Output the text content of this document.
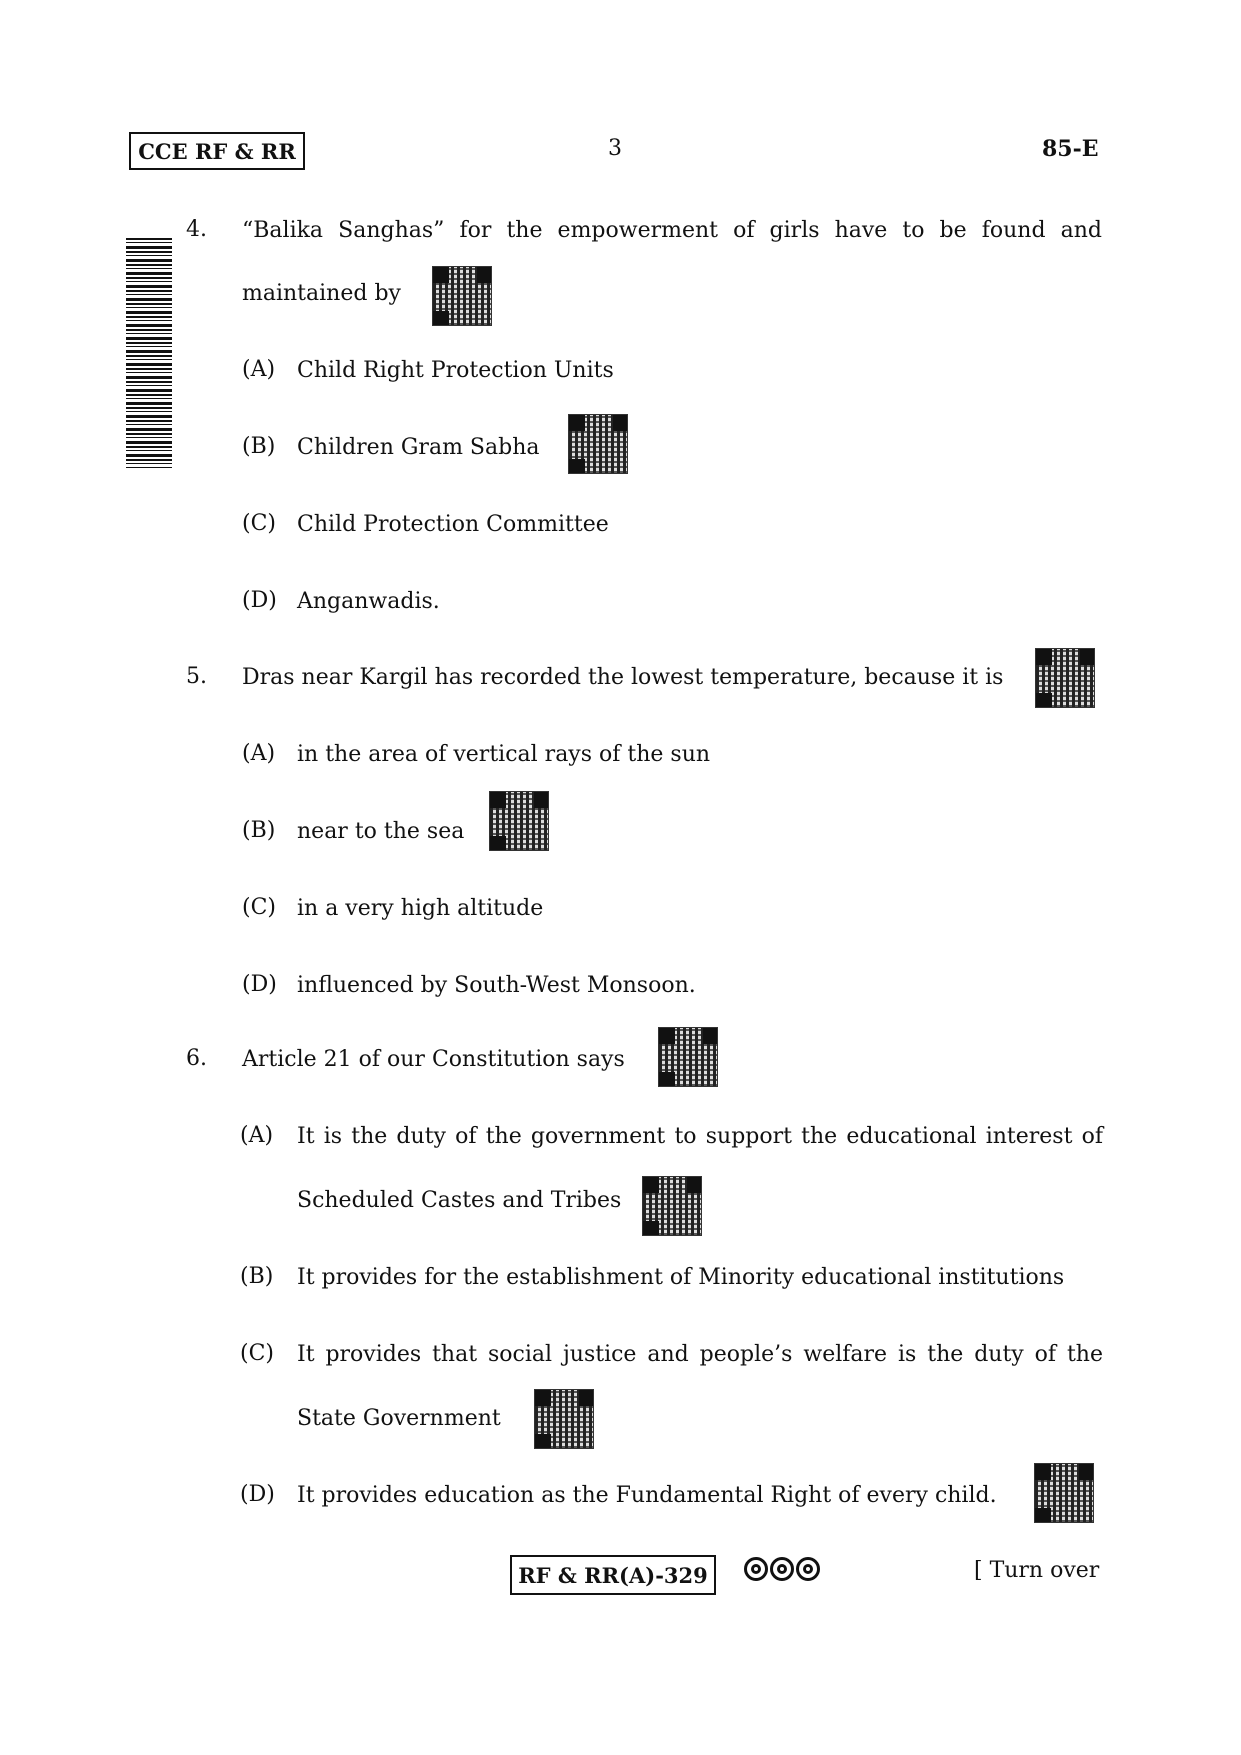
CCE RF & RR	3	85-E
4. “Balika Sanghas” for the empowerment of girls have to be found and
maintained by
(A) Child Right Protection Units
(B) Children Gram Sabha
(C) Child Protection Committee
(D) Anganwadis.
5. Dras near Kargil has recorded the lowest temperature, because it is
(A) in the area of vertical rays of the sun
(B) near to the sea
(C) in a very high altitude
(D) influenced by South-West Monsoon.
6. Article 21 of our Constitution says
(A) It is the duty of the government to support the educational interest of
Scheduled Castes and Tribes
(B) It provides for the establishment of Minority educational institutions
(C) It provides that social justice and people’s welfare is the duty of the
State Government
(D) It provides education as the Fundamental Right of every child.
RF & RR(A)-329	[ Turn over
